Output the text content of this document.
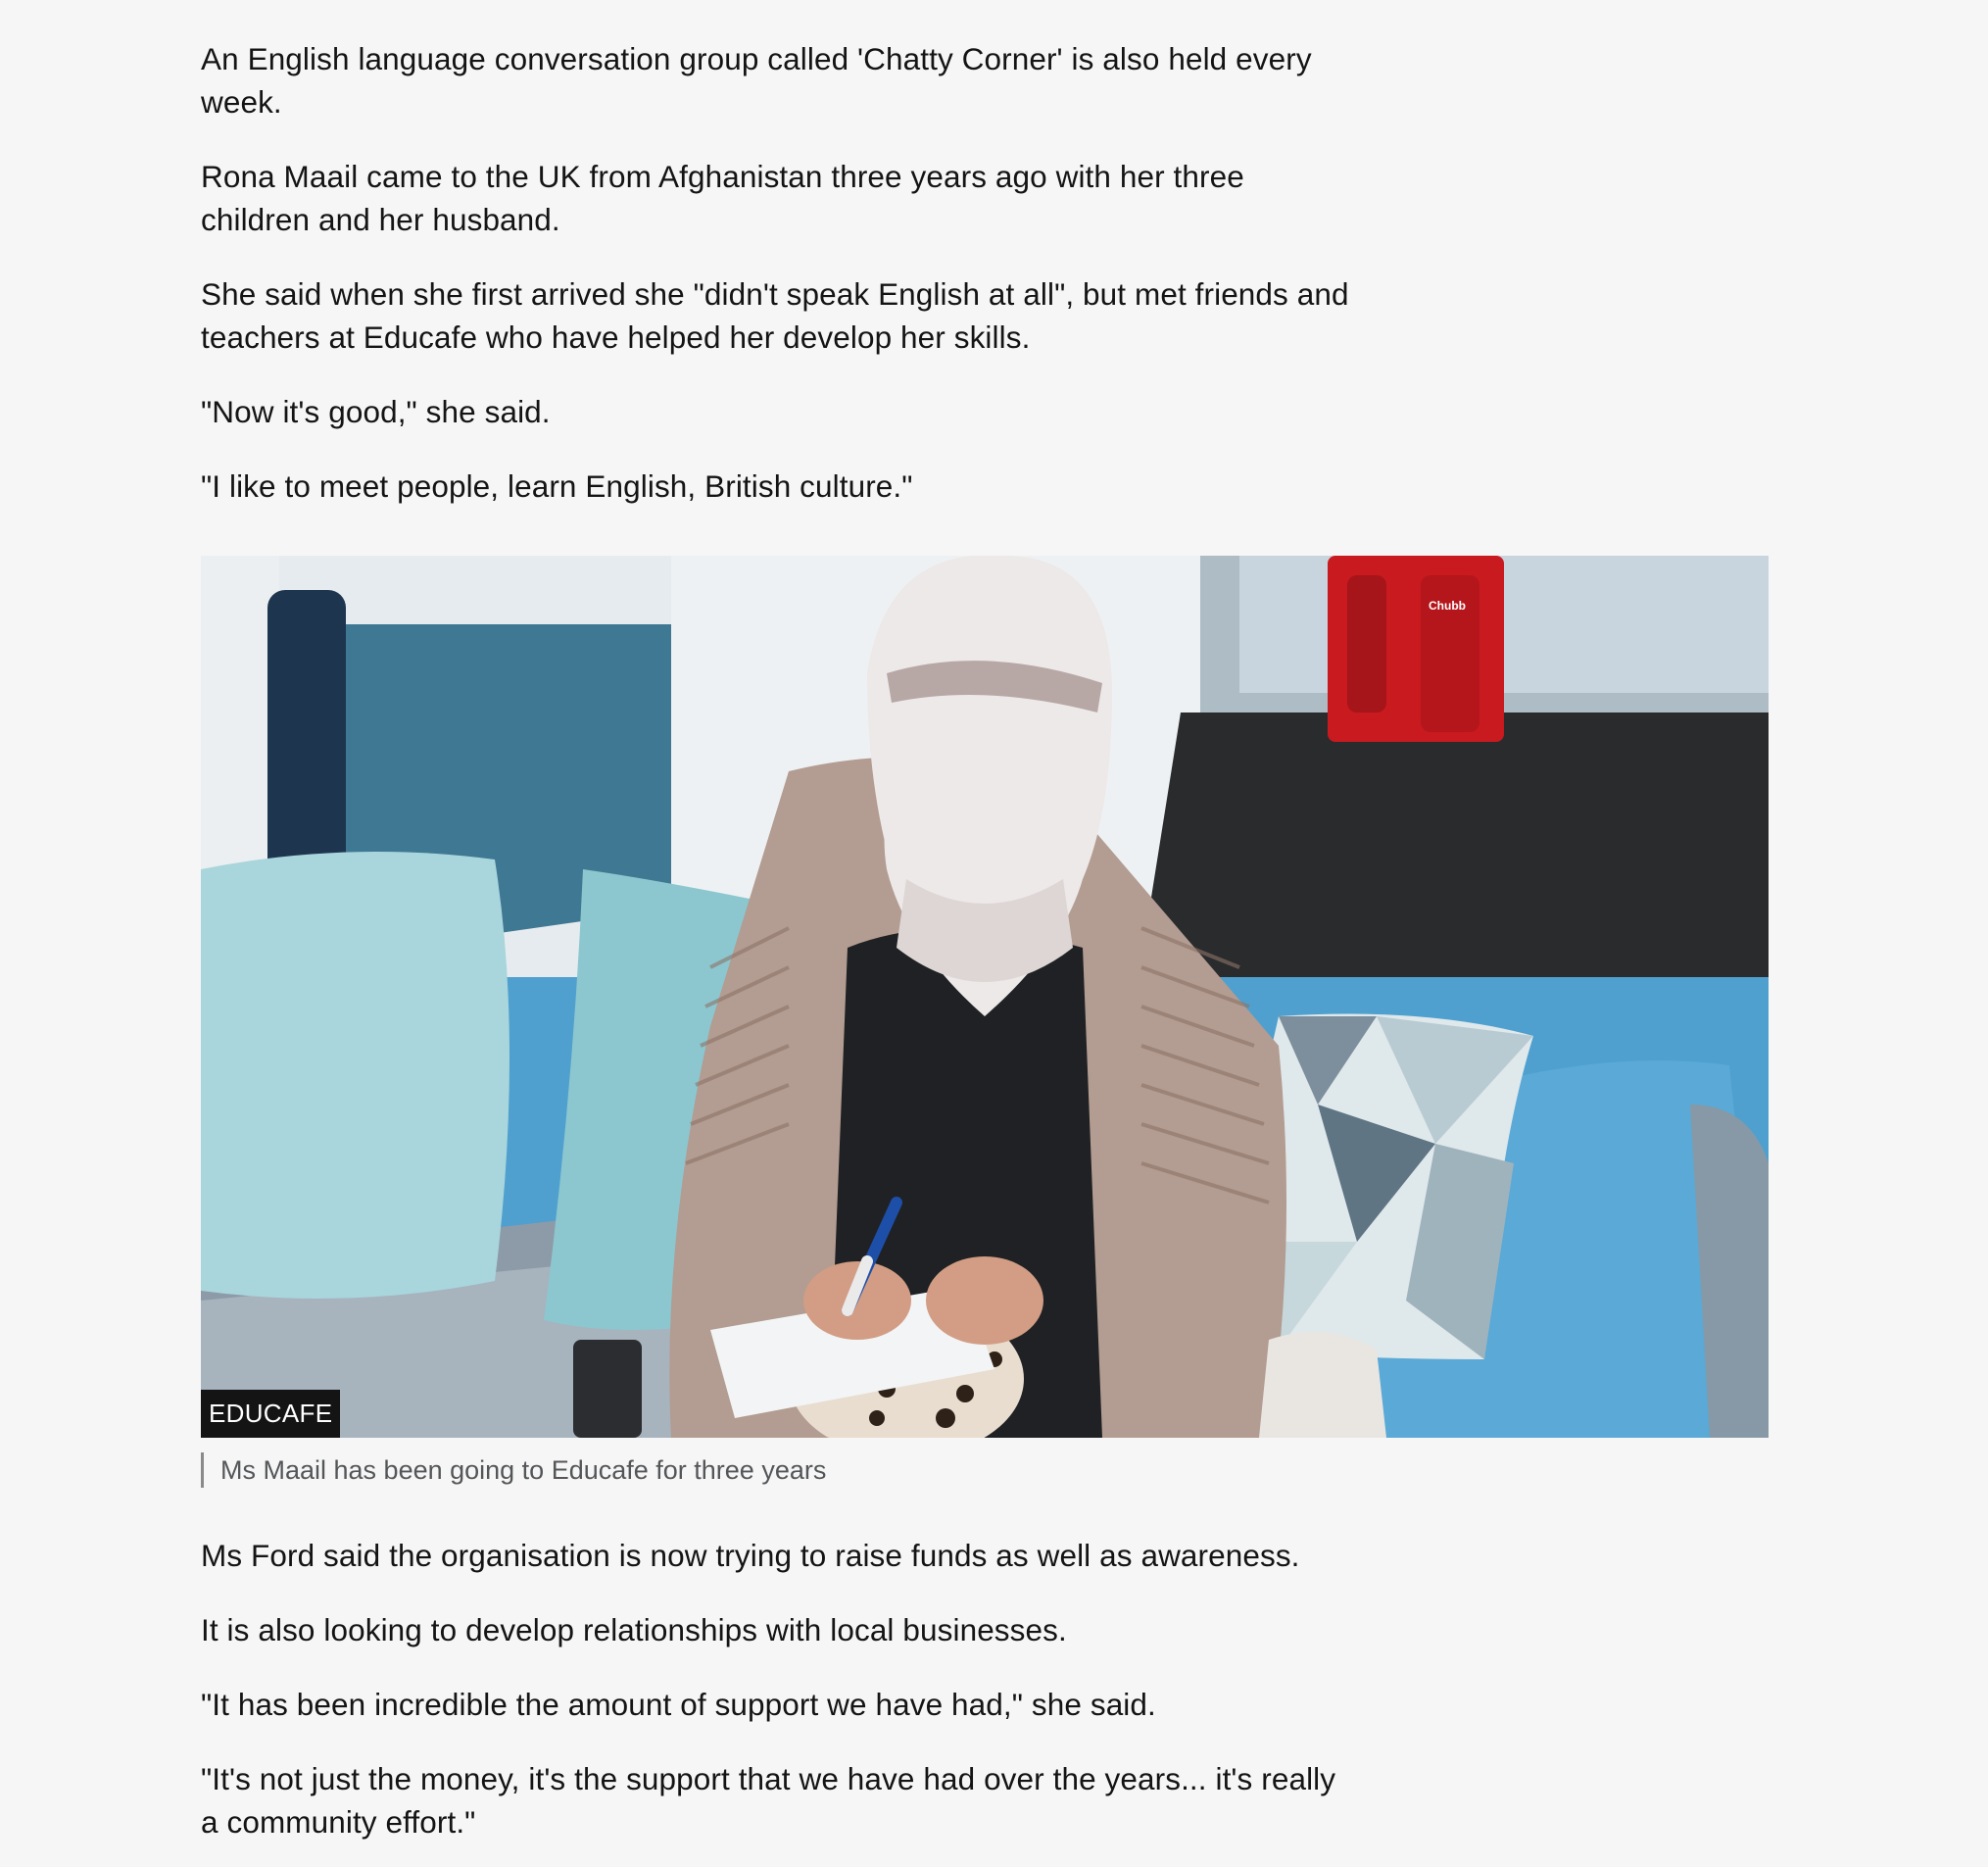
An English language conversation group called 'Chatty Corner' is also held every week.

Rona Maail came to the UK from Afghanistan three years ago with her three children and her husband.

She said when she first arrived she "didn't speak English at all", but met friends and teachers at Educafe who have helped her develop her skills.

"Now it's good," she said.

"I like to meet people, learn English, British culture."

Chubb
EDUCAFE
Ms Maail has been going to Educafe for three years

Ms Ford said the organisation is now trying to raise funds as well as awareness.

It is also looking to develop relationships with local businesses.

"It has been incredible the amount of support we have had," she said.

"It's not just the money, it's the support that we have had over the years... it's really a community effort."
